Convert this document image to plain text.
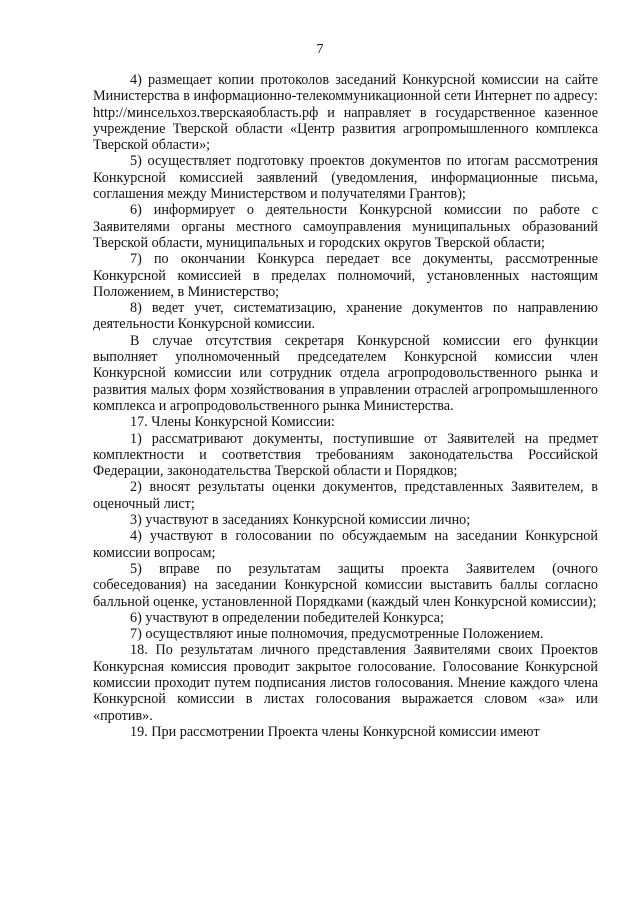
7

4) размещает копии протоколов заседаний Конкурсной комиссии на сайте Министерства в информационно-телекоммуникационной сети Интернет по адресу: http://минсельхоз.тверскаяобласть.рф и направляет в государственное казенное учреждение Тверской области «Центр развития агропромышленного комплекса Тверской области»;

5) осуществляет подготовку проектов документов по итогам рассмотрения Конкурсной комиссией заявлений (уведомления, информационные письма, соглашения между Министерством и получателями Грантов);

6) информирует о деятельности Конкурсной комиссии по работе с Заявителями органы местного самоуправления муниципальных образований Тверской области, муниципальных и городских округов Тверской области;

7) по окончании Конкурса передает все документы, рассмотренные Конкурсной комиссией в пределах полномочий, установленных настоящим Положением, в Министерство;

8) ведет учет, систематизацию, хранение документов по направлению деятельности Конкурсной комиссии.

В случае отсутствия секретаря Конкурсной комиссии его функции выполняет уполномоченный председателем Конкурсной комиссии член Конкурсной комиссии или сотрудник отдела агропродовольственного рынка и развития малых форм хозяйствования в управлении отраслей агропромышленного комплекса и агропродовольственного рынка Министерства.

17. Члены Конкурсной Комиссии:

1) рассматривают документы, поступившие от Заявителей на предмет комплектности и соответствия требованиям законодательства Российской Федерации, законодательства Тверской области и Порядков;

2) вносят результаты оценки документов, представленных Заявителем, в оценочный лист;

3) участвуют в заседаниях Конкурсной комиссии лично;

4) участвуют в голосовании по обсуждаемым на заседании Конкурсной комиссии вопросам;

5) вправе по результатам защиты проекта Заявителем (очного собеседования) на заседании Конкурсной комиссии выставить баллы согласно балльной оценке, установленной Порядками (каждый член Конкурсной комиссии);

6) участвуют в определении победителей Конкурса;

7) осуществляют иные полномочия, предусмотренные Положением.

18. По результатам личного представления Заявителями своих Проектов Конкурсная комиссия проводит закрытое голосование. Голосование Конкурсной комиссии проходит путем подписания листов голосования. Мнение каждого члена Конкурсной комиссии в листах голосования выражается словом «за» или «против».

19. При рассмотрении Проекта члены Конкурсной комиссии имеют
